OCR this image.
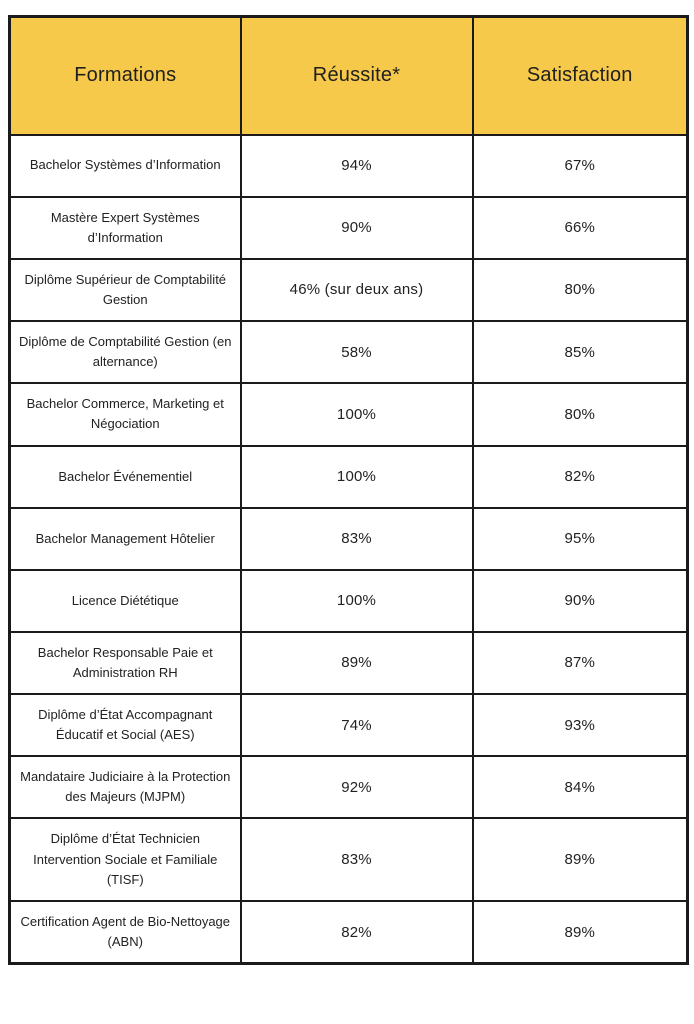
Formations	Réussite*	Satisfaction
Bachelor Systèmes d’Information	94%	67%
Mastère Expert Systèmes d’Information	90%	66%
Diplôme Supérieur de Comptabilité Gestion	46% (sur deux ans)	80%
Diplôme de Comptabilité Gestion (en alternance)	58%	85%
Bachelor Commerce, Marketing et Négociation	100%	80%
Bachelor Événementiel	100%	82%
Bachelor Management Hôtelier	83%	95%
Licence Diététique	100%	90%
Bachelor Responsable Paie et Administration RH	89%	87%
Diplôme d’État Accompagnant Éducatif et Social (AES)	74%	93%
Mandataire Judiciaire à la Protection des Majeurs (MJPM)	92%	84%
Diplôme d’État Technicien Intervention Sociale et Familiale (TISF)	83%	89%
Certification Agent de Bio-Nettoyage (ABN)	82%	89%
